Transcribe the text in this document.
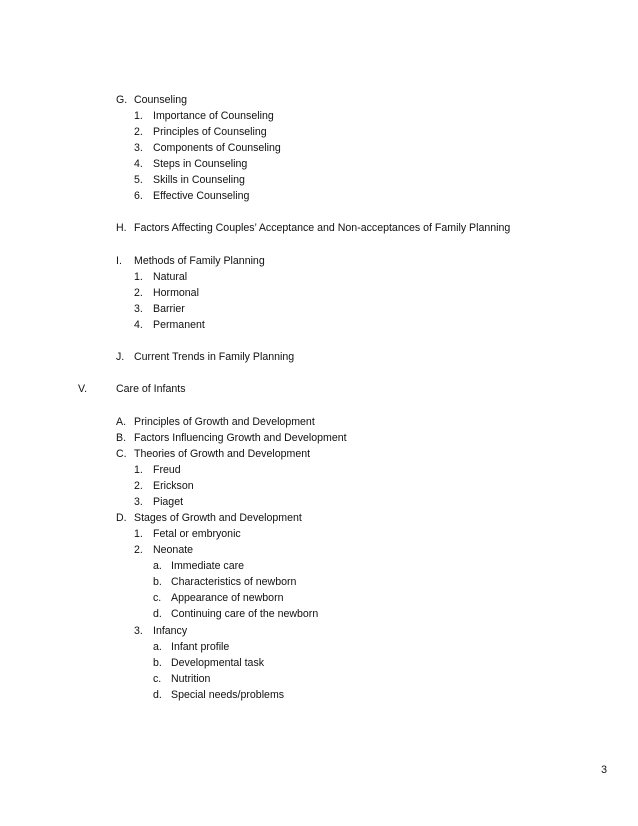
G. Counseling
1. Importance of Counseling
2. Principles of Counseling
3. Components of Counseling
4. Steps in Counseling
5. Skills in Counseling
6. Effective Counseling
H. Factors Affecting Couples’ Acceptance and Non-acceptances of Family Planning
I. Methods of Family Planning
1. Natural
2. Hormonal
3. Barrier
4. Permanent
J. Current Trends in Family Planning
V.	Care of Infants
A. Principles of Growth and Development
B. Factors Influencing Growth and Development
C. Theories of Growth and Development
1. Freud
2. Erickson
3. Piaget
D. Stages of Growth and Development
1. Fetal or embryonic
2. Neonate
a. Immediate care
b. Characteristics of newborn
c. Appearance of newborn
d. Continuing care of the newborn
3. Infancy
a. Infant profile
b. Developmental task
c. Nutrition
d. Special needs/problems
3
